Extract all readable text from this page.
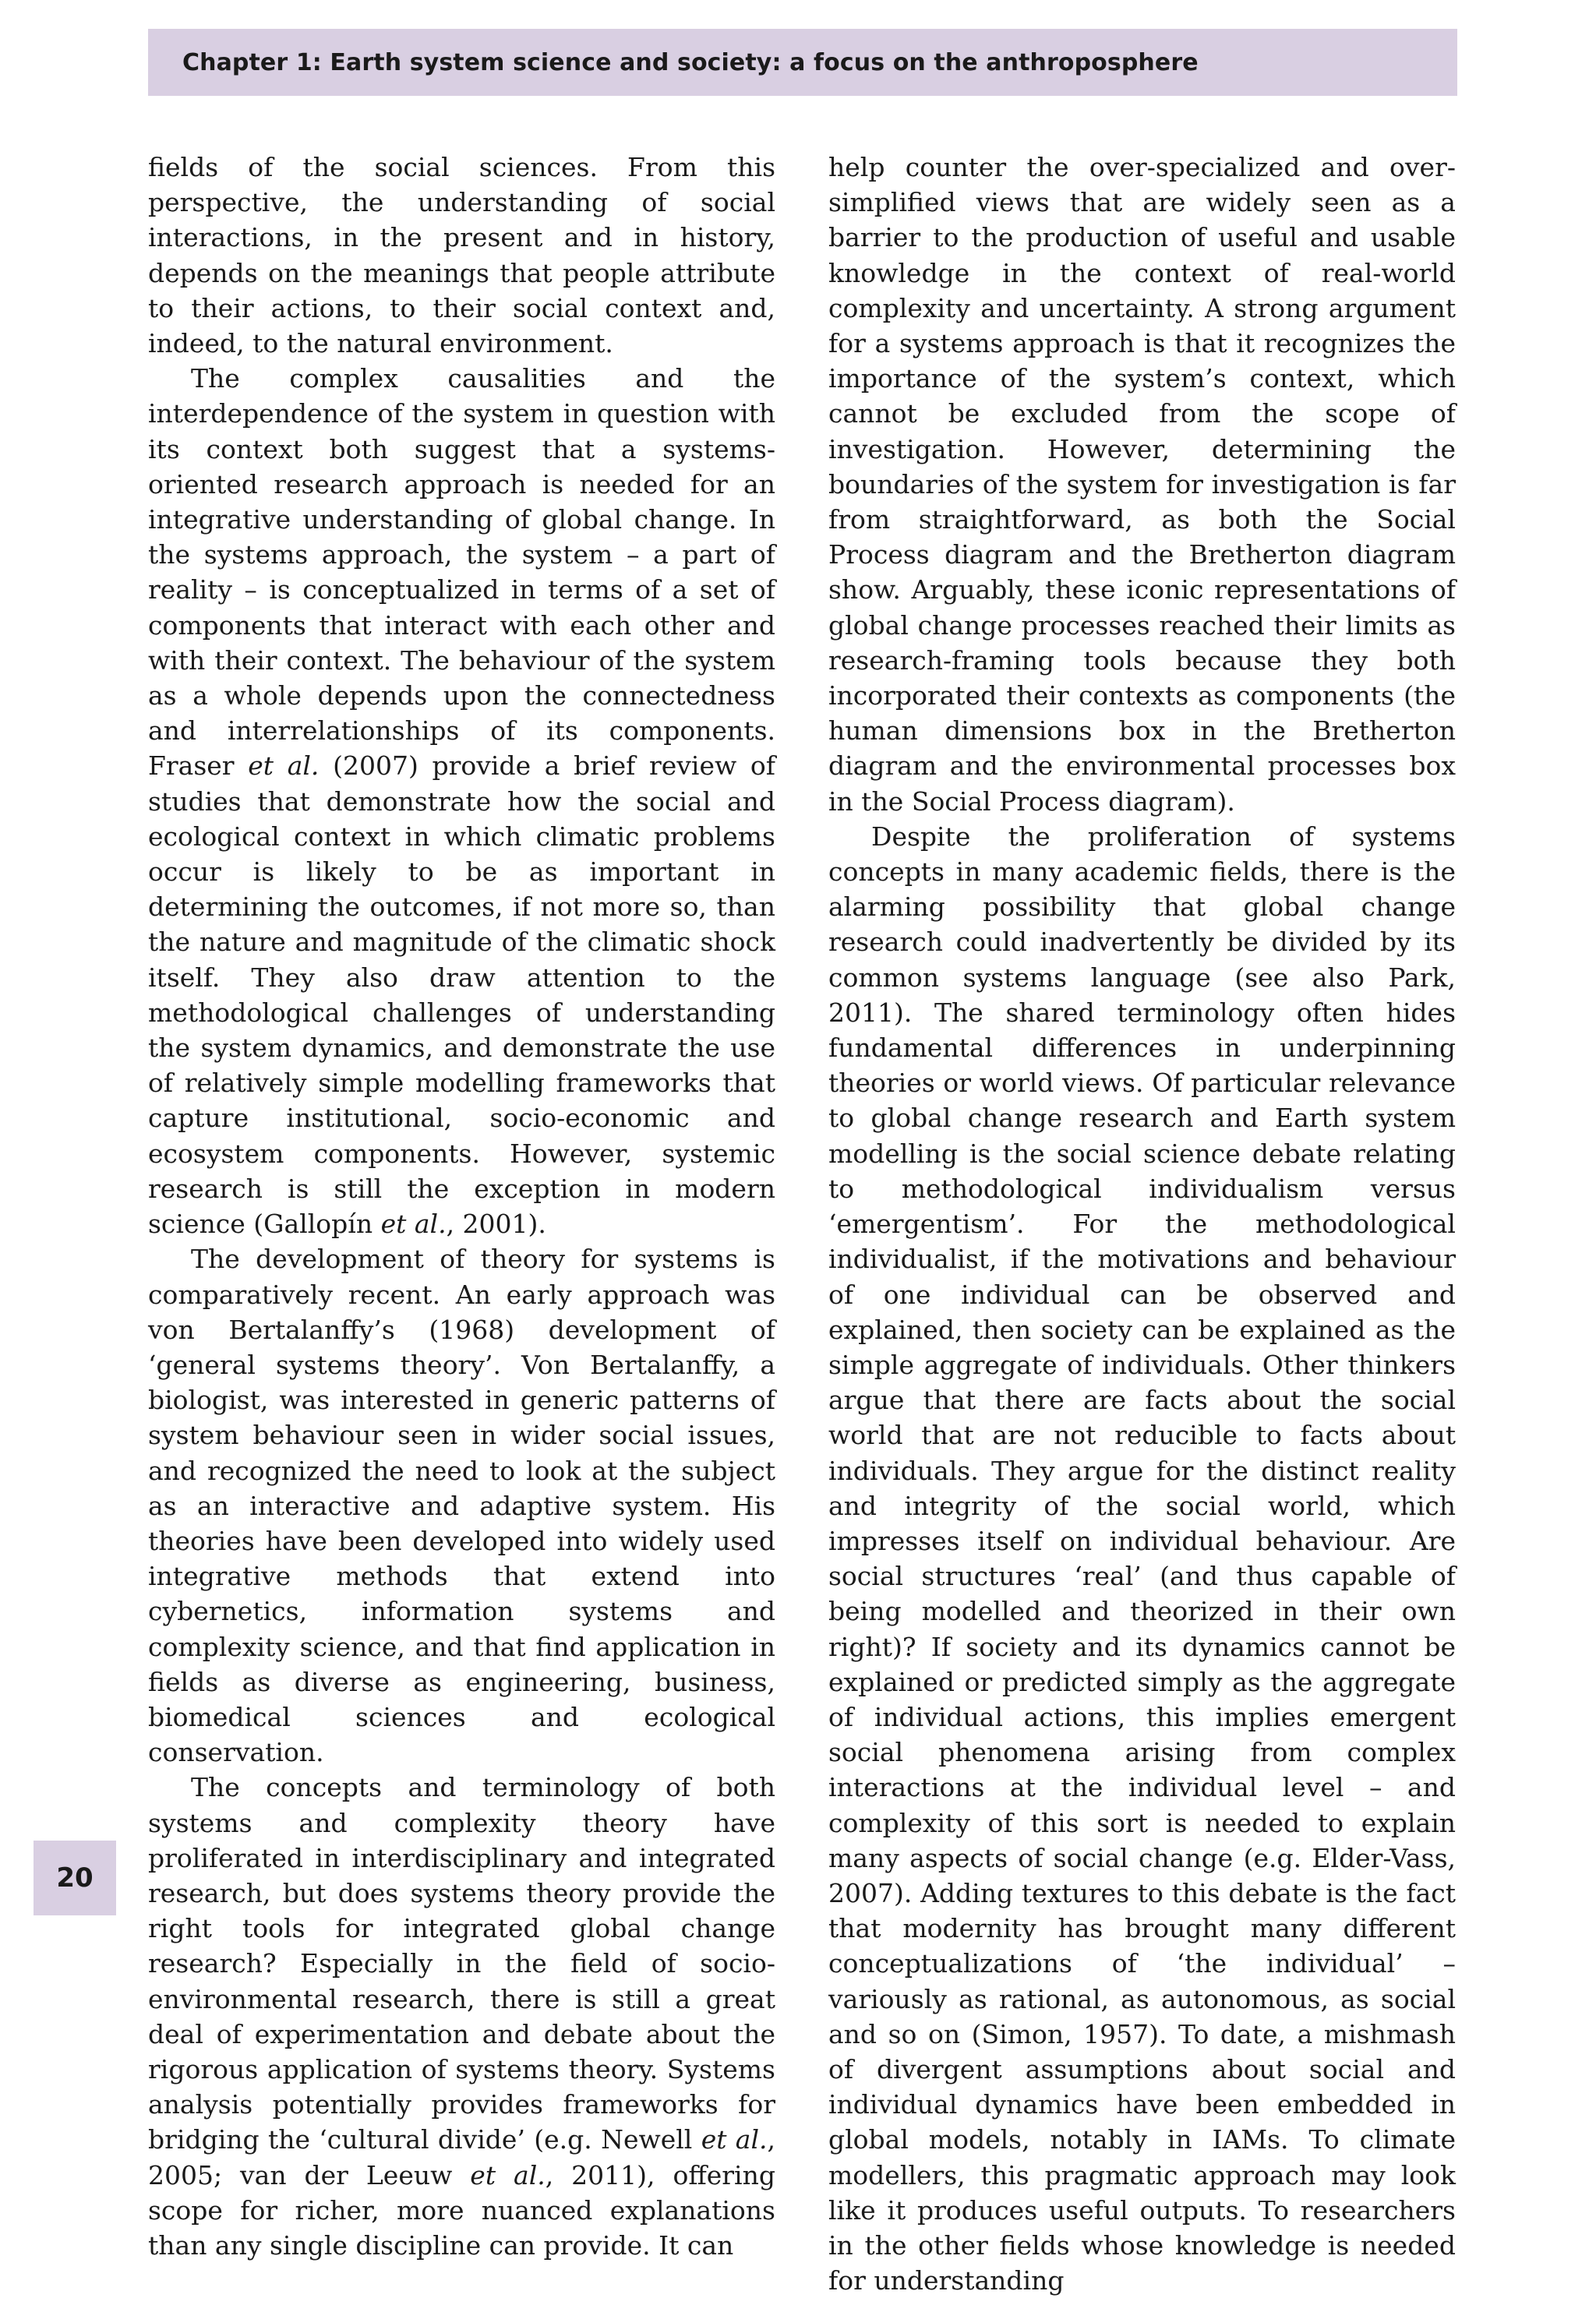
Chapter 1: Earth system science and society: a focus on the anthroposphere

fields of the social sciences. From this perspective, the understanding of social interactions, in the present and in history, depends on the meanings that people attribute to their actions, to their social context and, indeed, to the natural environment.

The complex causalities and the interdependence of the system in question with its context both suggest that a systems-oriented research approach is needed for an integrative understanding of global change. In the systems approach, the system – a part of reality – is conceptualized in terms of a set of components that interact with each other and with their context. The behaviour of the system as a whole depends upon the connectedness and interrelationships of its components. Fraser et al. (2007) provide a brief review of studies that demonstrate how the social and ecological context in which climatic problems occur is likely to be as important in determining the outcomes, if not more so, than the nature and magnitude of the climatic shock itself. They also draw attention to the methodological challenges of understanding the system dynamics, and demonstrate the use of relatively simple modelling frameworks that capture institutional, socio-economic and ecosystem components. However, systemic research is still the exception in modern science (Gallopín et al., 2001).

The development of theory for systems is comparatively recent. An early approach was von Bertalanffy’s (1968) development of ‘general systems theory’. Von Bertalanffy, a biologist, was interested in generic patterns of system behaviour seen in wider social issues, and recognized the need to look at the subject as an interactive and adaptive system. His theories have been developed into widely used integrative methods that extend into cybernetics, information systems and complexity science, and that find application in fields as diverse as engineering, business, biomedical sciences and ecological conservation.

The concepts and terminology of both systems and complexity theory have proliferated in interdisciplinary and integrated research, but does systems theory provide the right tools for integrated global change research? Especially in the field of socio-environmental research, there is still a great deal of experimentation and debate about the rigorous application of systems theory. Systems analysis potentially provides frameworks for bridging the ‘cultural divide’ (e.g. Newell et al., 2005; van der Leeuw et al., 2011), offering scope for richer, more nuanced explanations than any single discipline can provide. It can

help counter the over-specialized and over-simplified views that are widely seen as a barrier to the production of useful and usable knowledge in the context of real-world complexity and uncertainty. A strong argument for a systems approach is that it recognizes the importance of the system’s context, which cannot be excluded from the scope of investigation. However, determining the boundaries of the system for investigation is far from straightforward, as both the Social Process diagram and the Bretherton diagram show. Arguably, these iconic representations of global change processes reached their limits as research-framing tools because they both incorporated their contexts as components (the human dimensions box in the Bretherton diagram and the environmental processes box in the Social Process diagram).

Despite the proliferation of systems concepts in many academic fields, there is the alarming possibility that global change research could inadvertently be divided by its common systems language (see also Park, 2011). The shared terminology often hides fundamental differences in underpinning theories or world views. Of particular relevance to global change research and Earth system modelling is the social science debate relating to methodological individualism versus ‘emergentism’. For the methodological individualist, if the motivations and behaviour of one individual can be observed and explained, then society can be explained as the simple aggregate of individuals. Other thinkers argue that there are facts about the social world that are not reducible to facts about individuals. They argue for the distinct reality and integrity of the social world, which impresses itself on individual behaviour. Are social structures ‘real’ (and thus capable of being modelled and theorized in their own right)? If society and its dynamics cannot be explained or predicted simply as the aggregate of individual actions, this implies emergent social phenomena arising from complex interactions at the individual level – and complexity of this sort is needed to explain many aspects of social change (e.g. Elder-Vass, 2007). Adding textures to this debate is the fact that modernity has brought many different conceptualizations of ‘the individual’ – variously as rational, as autonomous, as social and so on (Simon, 1957). To date, a mishmash of divergent assumptions about social and individual dynamics have been embedded in global models, notably in IAMs. To climate modellers, this pragmatic approach may look like it produces useful outputs. To researchers in the other fields whose knowledge is needed for understanding

20
